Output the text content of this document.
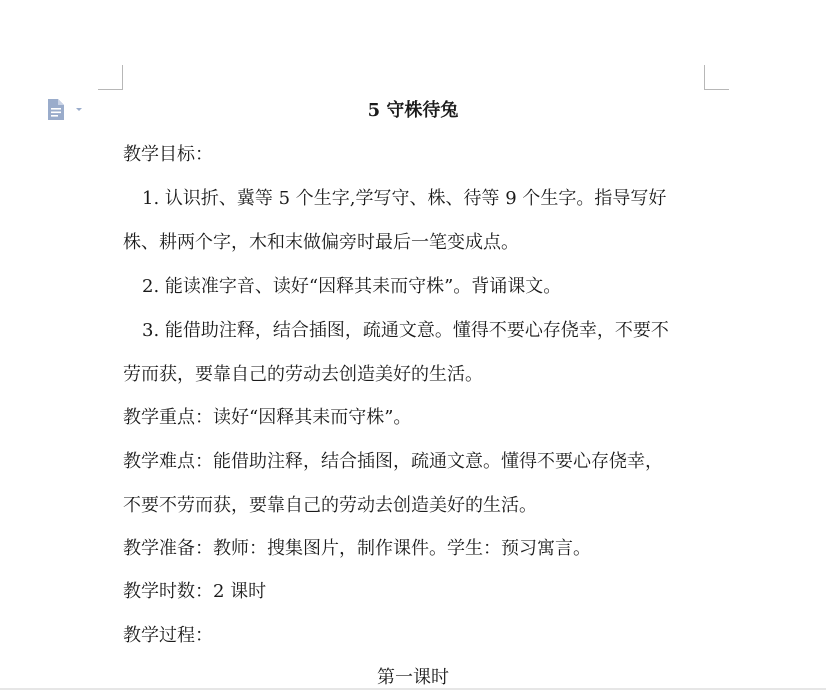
5 守株待兔
教学目标：
1. 认识折、冀等 5 个生字,学写守、株、待等 9 个生字。指导写好
株、耕两个字，木和末做偏旁时最后一笔变成点。
2. 能读准字音、读好“因释其耒而守株”。背诵课文。
3. 能借助注释，结合插图，疏通文意。懂得不要心存侥幸，不要不
劳而获，要靠自己的劳动去创造美好的生活。
教学重点：读好“因释其耒而守株”。
教学难点：能借助注释，结合插图，疏通文意。懂得不要心存侥幸，
不要不劳而获，要靠自己的劳动去创造美好的生活。
教学准备：教师：搜集图片，制作课件。学生：预习寓言。
教学时数：2 课时
教学过程：
第一课时
